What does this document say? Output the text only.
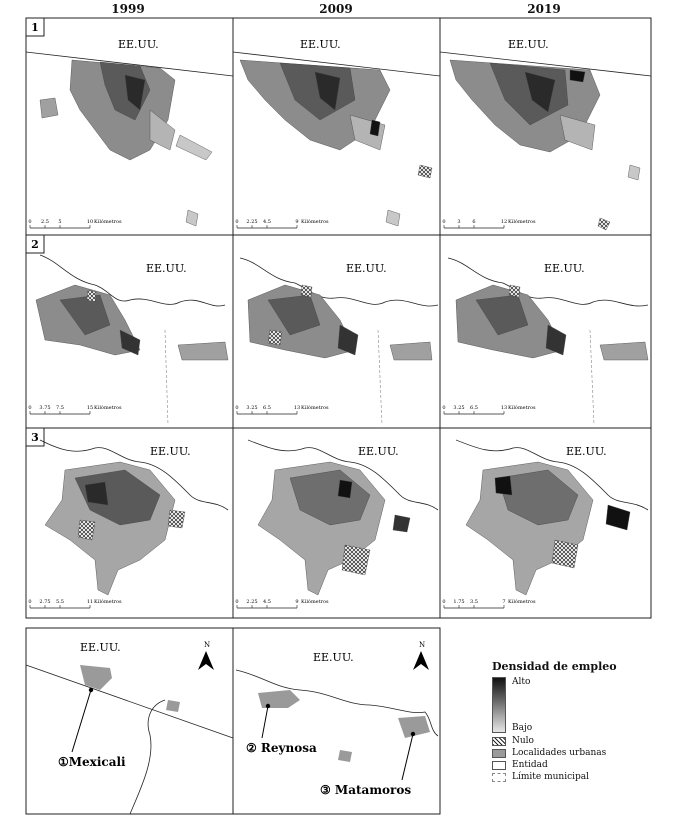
1999	2009	2019
1
2
3
EE.UU.	EE.UU.	EE.UU.
EE.UU.	EE.UU.	EE.UU.
EE.UU.	EE.UU.	EE.UU.
0 2.5 5	10 Kilómetros	0 2.25 4.5	9 Kilómetros	0 3 6	12 Kilómetros
0 3.75 7.5	15 Kilómetros	0 3.25 6.5	13 Kilómetros	0 3.25 6.5	13 Kilómetros
0 2.75 5.5	11 Kilómetros	0 2.25 4.5	9 Kilómetros	0 1.75 3.5	7 Kilómetros
EE.UU.	N
①Mexicali
EE.UU.
N
② Reynosa
③ Matamoros
Densidad de empleo
Alto
Bajo
Nulo
Localidades urbanas
Entidad
Límite municipal
